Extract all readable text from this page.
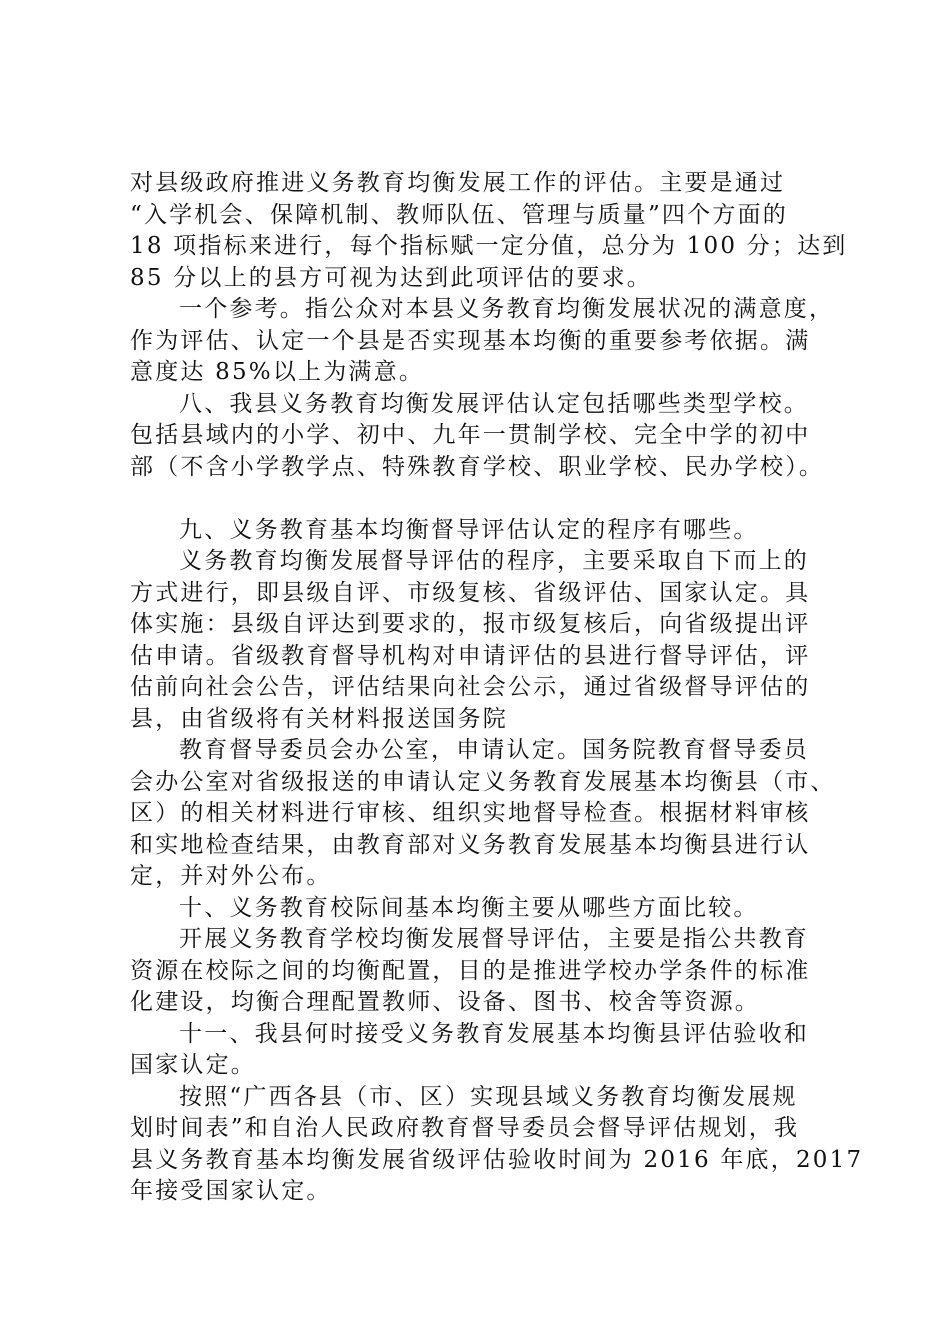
对县级政府推进义务教育均衡发展工作的评估。主要是通过
“入学机会、保障机制、教师队伍、管理与质量”四个方面的
18 项指标来进行，每个指标赋一定分值，总分为 100 分；达到
85 分以上的县方可视为达到此项评估的要求。
一个参考。指公众对本县义务教育均衡发展状况的满意度，
作为评估、认定一个县是否实现基本均衡的重要参考依据。满
意度达 85%以上为满意。
八、我县义务教育均衡发展评估认定包括哪些类型学校。
包括县域内的小学、初中、九年一贯制学校、完全中学的初中
部（不含小学教学点、特殊教育学校、职业学校、民办学校）。
九、义务教育基本均衡督导评估认定的程序有哪些。
义务教育均衡发展督导评估的程序，主要采取自下而上的
方式进行，即县级自评、市级复核、省级评估、国家认定。具
体实施：县级自评达到要求的，报市级复核后，向省级提出评
估申请。省级教育督导机构对申请评估的县进行督导评估，评
估前向社会公告，评估结果向社会公示，通过省级督导评估的
县，由省级将有关材料报送国务院
教育督导委员会办公室，申请认定。国务院教育督导委员
会办公室对省级报送的申请认定义务教育发展基本均衡县（市、
区）的相关材料进行审核、组织实地督导检查。根据材料审核
和实地检查结果，由教育部对义务教育发展基本均衡县进行认
定，并对外公布。
十、义务教育校际间基本均衡主要从哪些方面比较。
开展义务教育学校均衡发展督导评估，主要是指公共教育
资源在校际之间的均衡配置，目的是推进学校办学条件的标准
化建设，均衡合理配置教师、设备、图书、校舍等资源。
十一、我县何时接受义务教育发展基本均衡县评估验收和
国家认定。
按照“广西各县（市、区）实现县域义务教育均衡发展规
划时间表”和自治人民政府教育督导委员会督导评估规划，我
县义务教育基本均衡发展省级评估验收时间为 2016 年底，2017
年接受国家认定。
